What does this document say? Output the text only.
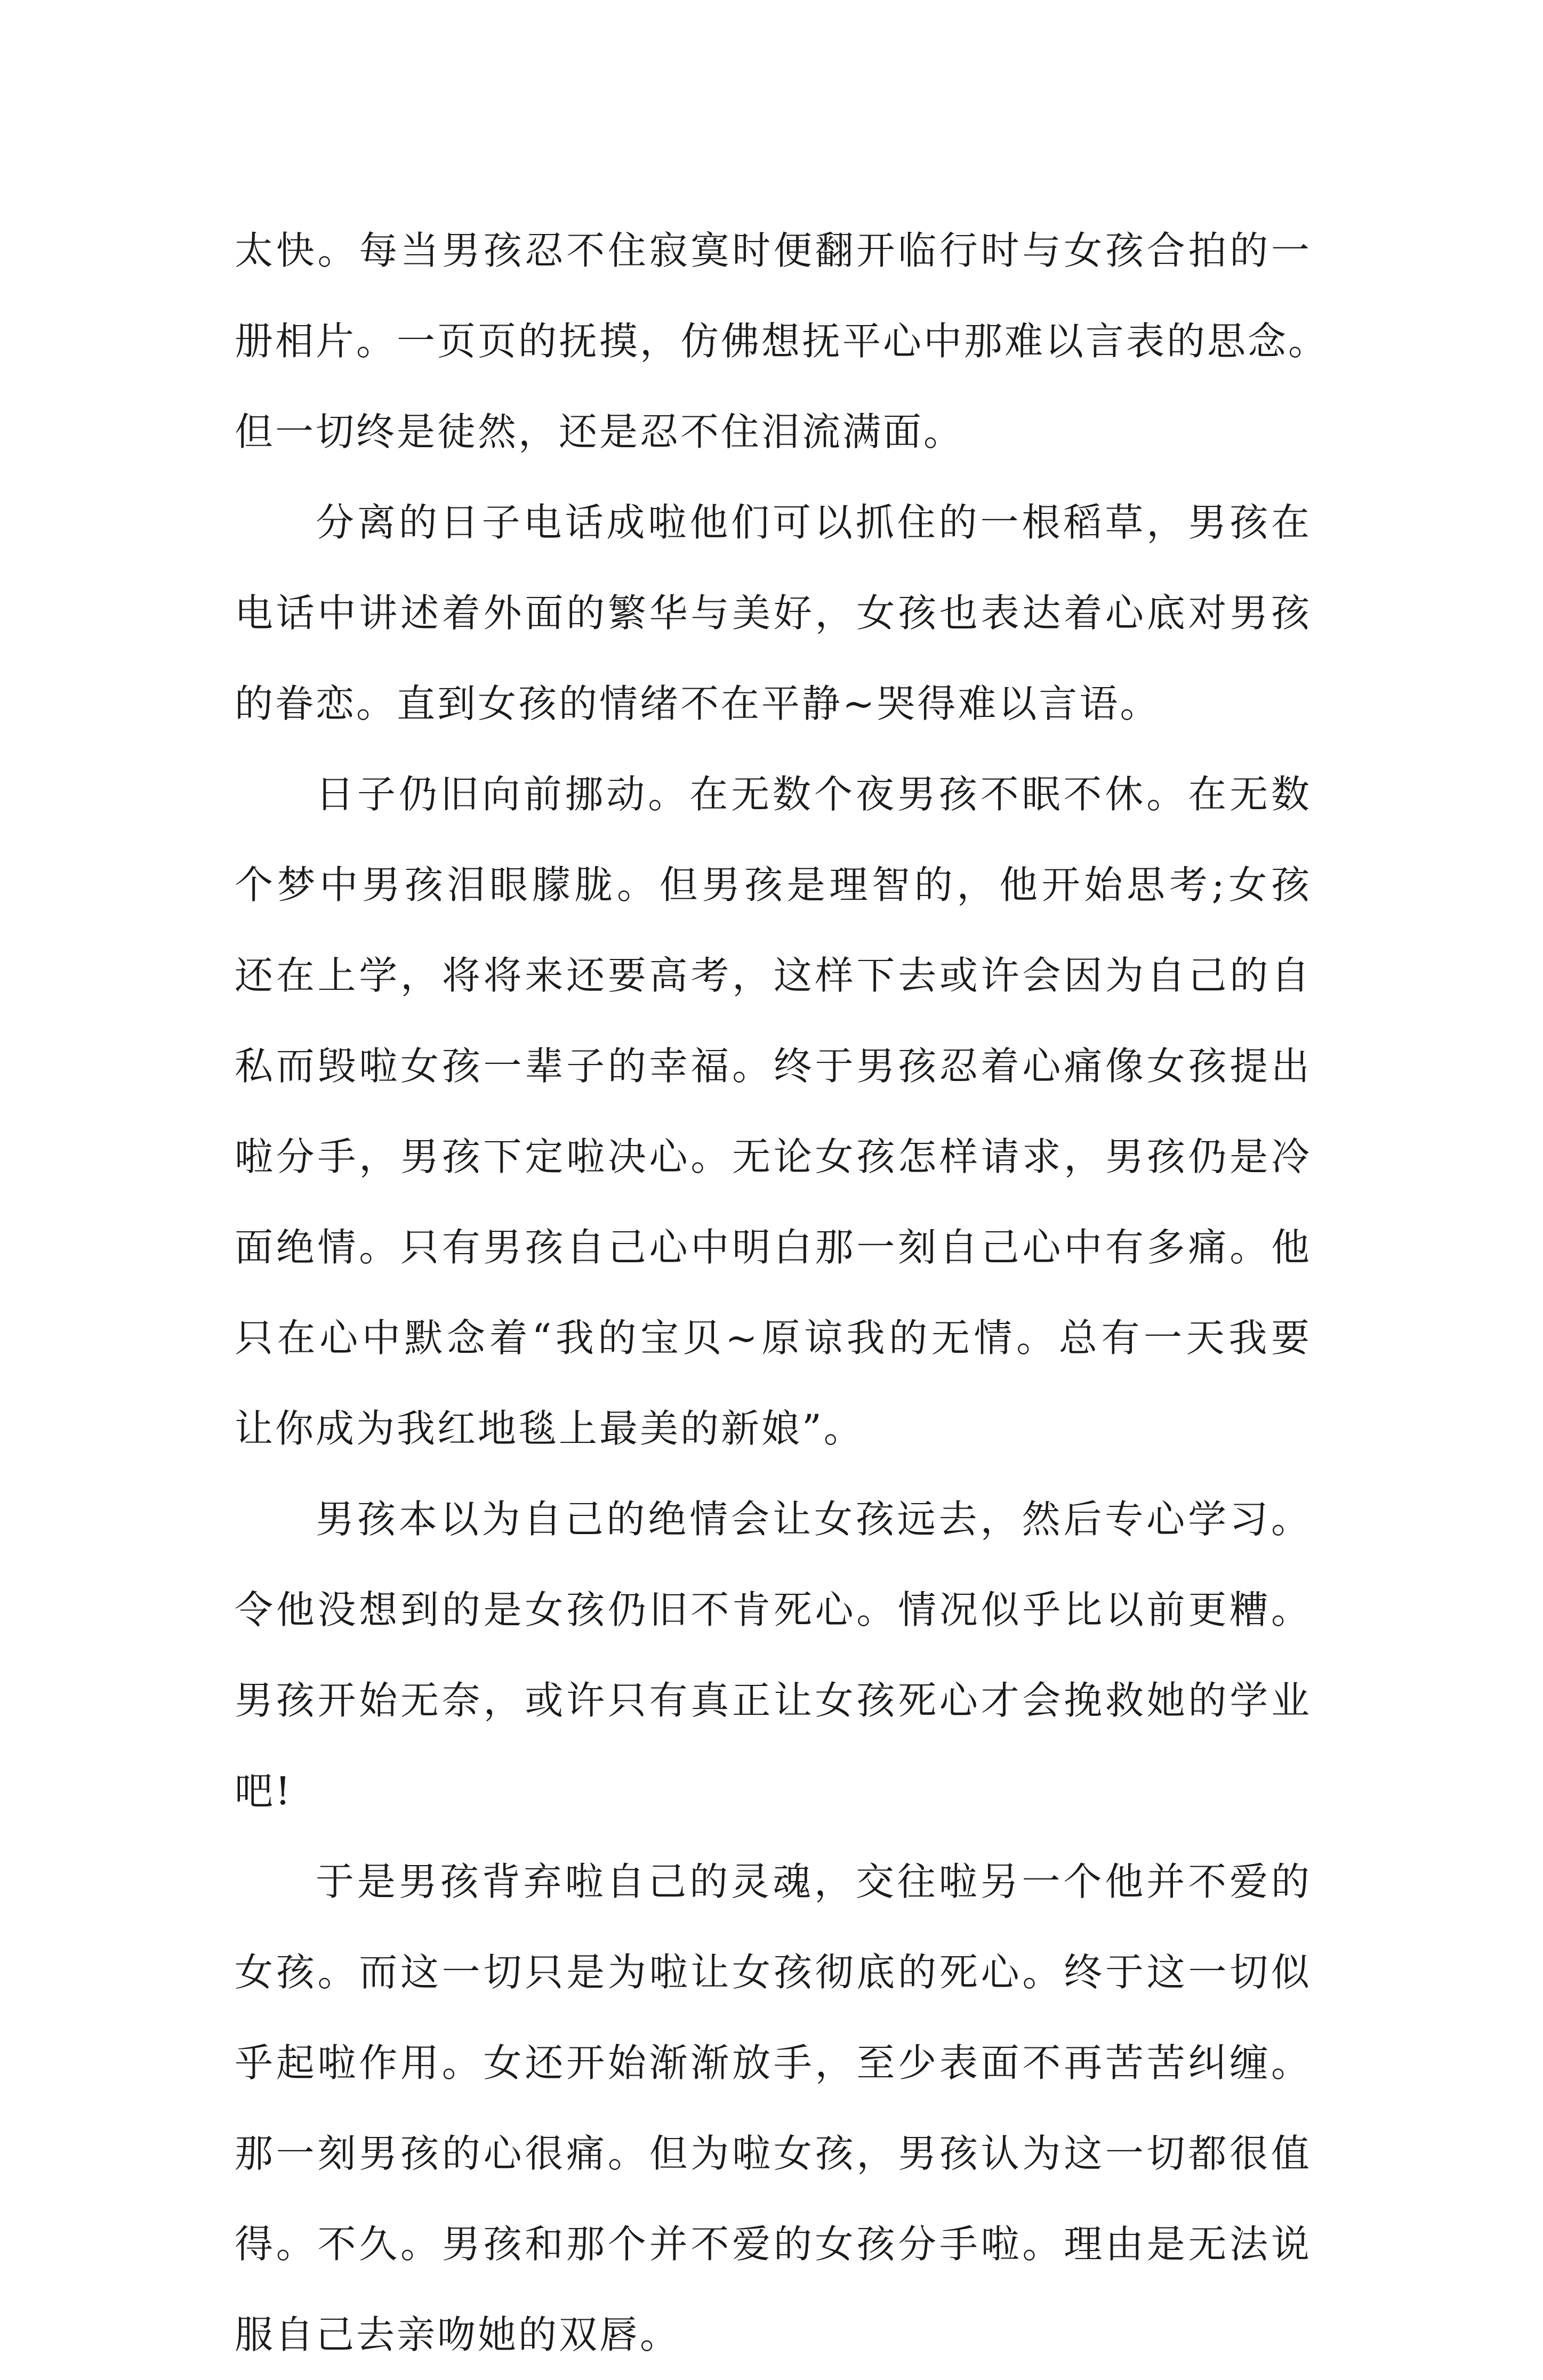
太快。每当男孩忍不住寂寞时便翻开临行时与女孩合拍的一
册相片。一页页的抚摸，仿佛想抚平心中那难以言表的思念。
但一切终是徒然，还是忍不住泪流满面。
分离的日子电话成啦他们可以抓住的一根稻草，男孩在
电话中讲述着外面的繁华与美好，女孩也表达着心底对男孩
的眷恋。直到女孩的情绪不在平静~哭得难以言语。
日子仍旧向前挪动。在无数个夜男孩不眠不休。在无数
个梦中男孩泪眼朦胧。但男孩是理智的，他开始思考;女孩
还在上学，将将来还要高考，这样下去或许会因为自己的自
私而毁啦女孩一辈子的幸福。终于男孩忍着心痛像女孩提出
啦分手，男孩下定啦决心。无论女孩怎样请求，男孩仍是冷
面绝情。只有男孩自己心中明白那一刻自己心中有多痛。他
只在心中默念着“我的宝贝~原谅我的无情。总有一天我要
让你成为我红地毯上最美的新娘”。
男孩本以为自己的绝情会让女孩远去，然后专心学习。
令他没想到的是女孩仍旧不肯死心。情况似乎比以前更糟。
男孩开始无奈，或许只有真正让女孩死心才会挽救她的学业
吧!
于是男孩背弃啦自己的灵魂，交往啦另一个他并不爱的
女孩。而这一切只是为啦让女孩彻底的死心。终于这一切似
乎起啦作用。女还开始渐渐放手，至少表面不再苦苦纠缠。
那一刻男孩的心很痛。但为啦女孩，男孩认为这一切都很值
得。不久。男孩和那个并不爱的女孩分手啦。理由是无法说
服自己去亲吻她的双唇。
